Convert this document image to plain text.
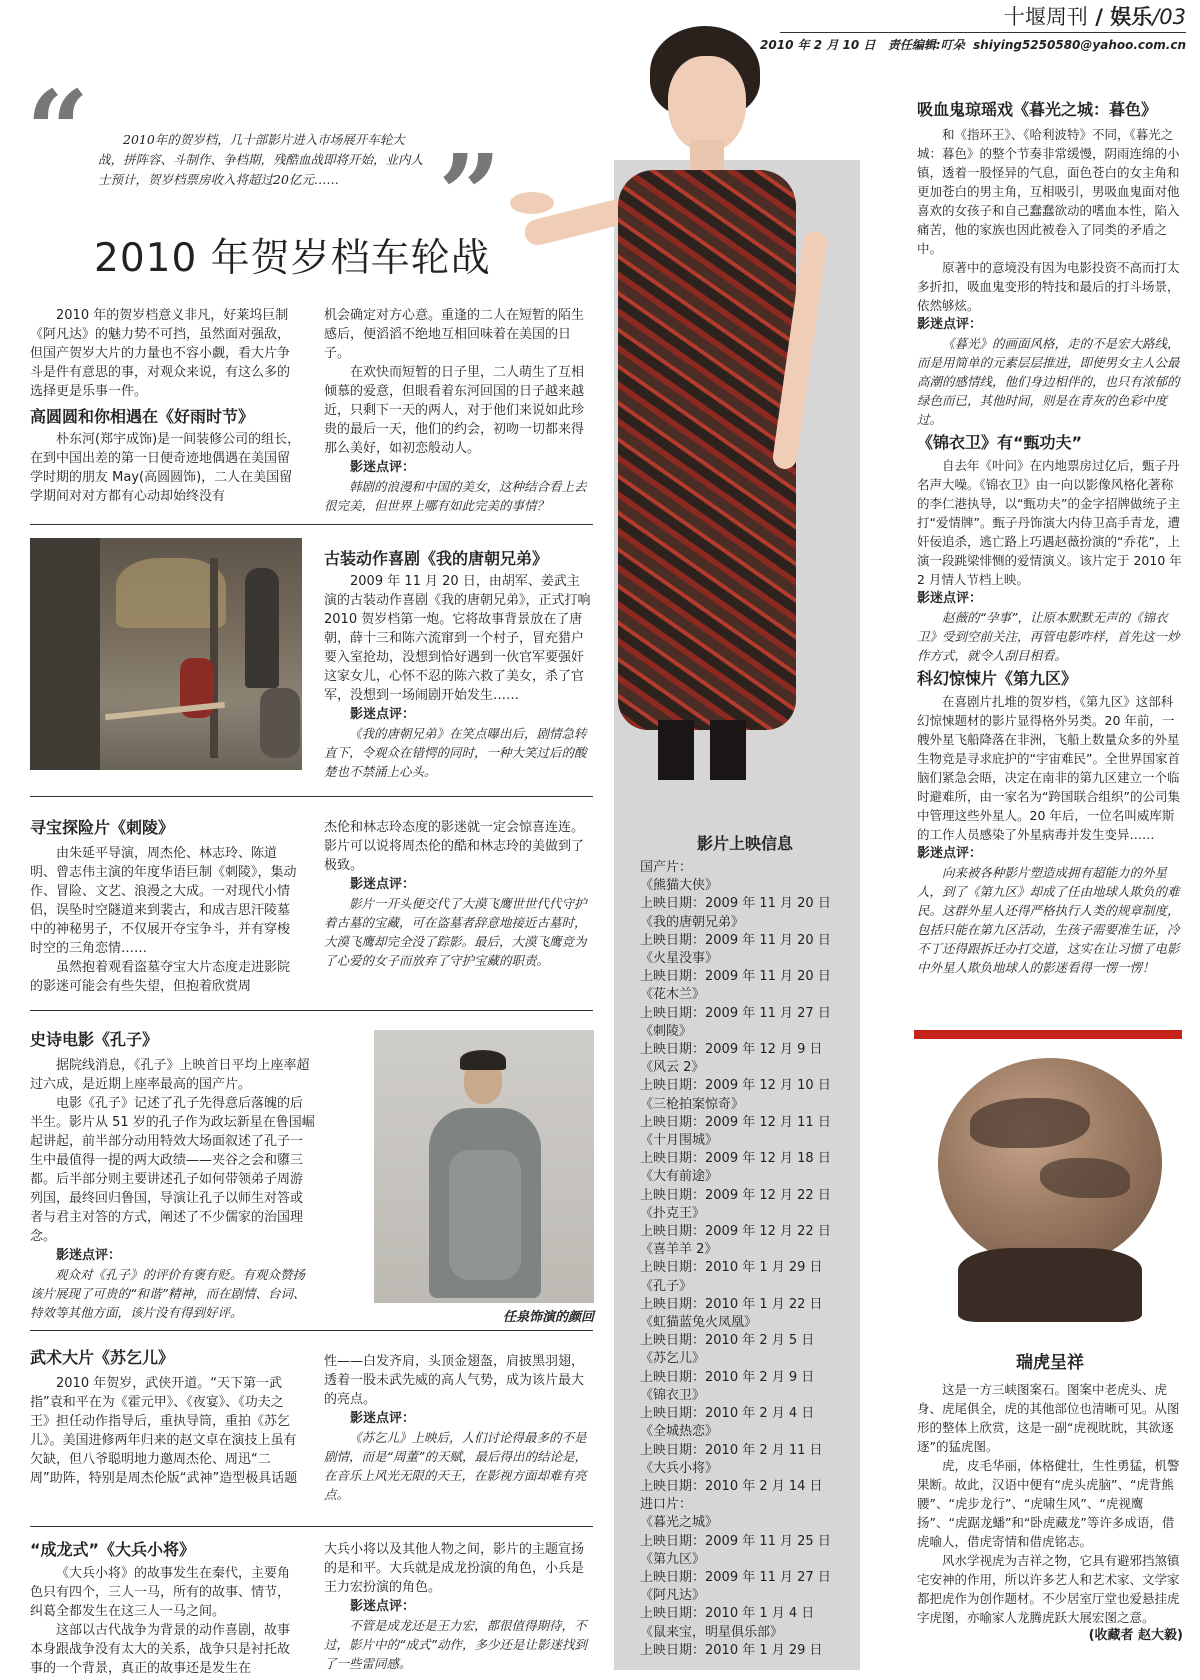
十堰周刊 / 娱乐/03
2010 年 2 月 10 日 责任编辑:叮朵 shiying5250580@yahoo.com.cn
“	”

2010年的贺岁档，几十部影片进入市场展开车轮大战，拼阵容、斗制作、争档期，残酷血战即将开始，业内人士预计，贺岁档票房收入将超过20亿元……

2010 年贺岁档车轮战

2010 年的贺岁档意义非凡，好莱坞巨制《阿凡达》的魅力势不可挡，虽然面对强敌，但国产贺岁大片的力量也不容小觑，看大片争斗是件有意思的事，对观众来说，有这么多的选择更是乐事一件。

高圆圆和你相遇在《好雨时节》

朴东河(郑宇成饰)是一间装修公司的组长，在到中国出差的第一日便奇迹地偶遇在美国留学时期的朋友 May(高圆圆饰)，二人在美国留学期间对对方都有心动却始终没有

机会确定对方心意。重逢的二人在短暂的陌生感后，便滔滔不绝地互相回味着在美国的日子。

在欢快而短暂的日子里，二人萌生了互相倾慕的爱意，但眼看着东河回国的日子越来越近，只剩下一天的两人，对于他们来说如此珍贵的最后一天，他们的约会，初吻一切都来得那么美好，如初恋般动人。

影迷点评：

韩剧的浪漫和中国的美女，这种结合看上去很完美，但世界上哪有如此完美的事情？

古装动作喜剧《我的唐朝兄弟》

2009 年 11 月 20 日，由胡军、姜武主演的古装动作喜剧《我的唐朝兄弟》，正式打响 2010 贺岁档第一炮。它将故事背景放在了唐朝，薛十三和陈六流窜到一个村子，冒充猎户要入室抢劫，没想到恰好遇到一伙官军要强奸这家女儿，心怀不忍的陈六救了美女，杀了官军，没想到一场闹剧开始发生……

影迷点评：

《我的唐朝兄弟》在笑点曝出后，剧情急转直下，令观众在错愕的同时，一种大笑过后的酸楚也不禁涌上心头。

寻宝探险片《刺陵》

由朱延平导演，周杰伦、林志玲、陈道明、曾志伟主演的年度华语巨制《刺陵》，集动作、冒险、文艺、浪漫之大成。一对现代小情侣，误坠时空隧道来到裴古，和成吉思汗陵墓中的神秘男子，不仅展开夺宝争斗，并有穿梭时空的三角恋情……

虽然抱着观看盗墓夺宝大片态度走进影院的影迷可能会有些失望，但抱着欣赏周

杰伦和林志玲态度的影迷就一定会惊喜连连。影片可以说将周杰伦的酷和林志玲的美做到了极致。

影迷点评：

影片一开头便交代了大漠飞鹰世世代代守护着古墓的宝藏，可在盗墓者辞意地接近古墓时，大漠飞鹰却完全没了踪影。最后，大漠飞鹰竞为了心爱的女子而放弃了守护宝藏的职责。

史诗电影《孔子》

据院线消息，《孔子》上映首日平均上座率超过六成，是近期上座率最高的国产片。

电影《孔子》记述了孔子先得意后落魄的后半生。影片从 51 岁的孔子作为政坛新星在鲁国崛起讲起，前半部分动用特效大场面叙述了孔子一生中最值得一提的两大政绩——夹谷之会和隳三都。后半部分则主要讲述孔子如何带领弟子周游列国，最终回归鲁国，导演让孔子以师生对答或者与君主对答的方式，阐述了不少儒家的治国理念。

影迷点评：

观众对《孔子》的评价有褒有贬。有观众赞扬该片展现了可贵的“和谐”精神，而在剧情、台词、特效等其他方面，该片没有得到好评。	任泉饰演的颜回
武术大片《苏乞儿》

2010 年贺岁，武侠开道。“天下第一武指”袁和平在为《霍元甲》、《夜宴》、《功夫之王》担任动作指导后，重执导筒，重拍《苏乞儿》。美国进修两年归来的赵文卓在演技上虽有欠缺，但八爷聪明地力邀周杰伦、周迅“二周”助阵，特别是周杰伦版“武神”造型极具话题

性——白发齐肩，头顶金翅盔，肩披黑羽翅，透着一股未武先威的高人气势，成为该片最大的亮点。

影迷点评：

《苏乞儿》上映后，人们讨论得最多的不是剧情，而是“周董”的天赋，最后得出的结论是，在音乐上风光无限的天王，在影视方面却难有亮点。

“成龙式”《大兵小将》

《大兵小将》的故事发生在秦代，主要角色只有四个，三人一马，所有的故事、情节，纠葛全都发生在这三人一马之间。

这部以古代战争为背景的动作喜剧，故事本身跟战争没有太大的关系，战争只是衬托故事的一个背景，真正的故事还是发生在

大兵小将以及其他人物之间，影片的主题宣扬的是和平。大兵就是成龙扮演的角色，小兵是王力宏扮演的角色。

影迷点评：

不管是成龙还是王力宏，都很值得期待，不过，影片中的“成式”动作，多少还是让影迷找到了一些雷同感。

影片上映信息

国产片：

《熊猫大侠》

上映日期：2009 年 11 月 20 日

《我的唐朝兄弟》

上映日期：2009 年 11 月 20 日

《火星没事》

上映日期：2009 年 11 月 20 日

《花木兰》

上映日期：2009 年 11 月 27 日

《刺陵》

上映日期：2009 年 12 月 9 日

《风云 2》

上映日期：2009 年 12 月 10 日

《三枪拍案惊奇》

上映日期：2009 年 12 月 11 日

《十月围城》

上映日期：2009 年 12 月 18 日

《大有前途》

上映日期：2009 年 12 月 22 日

《扑克王》

上映日期：2009 年 12 月 22 日

《喜羊羊 2》

上映日期：2010 年 1 月 29 日

《孔子》

上映日期：2010 年 1 月 22 日

《虹猫蓝兔火凤凰》

上映日期：2010 年 2 月 5 日

《苏乞儿》

上映日期：2010 年 2 月 9 日

《锦衣卫》

上映日期：2010 年 2 月 4 日

《全城热恋》

上映日期：2010 年 2 月 11 日

《大兵小将》

上映日期：2010 年 2 月 14 日

进口片：

《暮光之城》

上映日期：2009 年 11 月 25 日

《第九区》

上映日期：2009 年 11 月 27 日

《阿凡达》

上映日期：2010 年 1 月 4 日

《鼠来宝，明星俱乐部》

上映日期：2010 年 1 月 29 日

吸血鬼琼瑶戏《暮光之城：暮色》

和《指环王》、《哈利波特》不同，《暮光之城：暮色》的整个节奏非常缓慢，阴雨连绵的小镇，透着一股怪异的气息，面色苍白的女主角和更加苍白的男主角，互相吸引，男吸血鬼面对他喜欢的女孩子和自己蠢蠢欲动的嗜血本性，陷入痛苦，他的家族也因此被卷入了同类的矛盾之中。

原著中的意境没有因为电影投资不高而打太多折扣，吸血鬼变形的特技和最后的打斗场景，依然够炫。

影迷点评：

《暮光》的画面风格，走的不是宏大路线，而是用简单的元素层层推进，即使男女主人公最高潮的感情线，他们身边相伴的，也只有浓郁的绿色而已，其他时间，则是在青灰的色彩中度过。

《锦衣卫》有“甄功夫”

自去年《叶问》在内地票房过亿后，甄子丹名声大噪。《锦衣卫》由一向以影像风格化著称的李仁港执导，以“甄功夫”的金字招牌做统子主打“爱情牌”。甄子丹饰演大内侍卫高手青龙，遭奸佞追杀，逃亡路上巧遇赵薇扮演的“乔花”，上演一段跳梁悱恻的爱情演义。该片定于 2010 年 2 月情人节档上映。

影迷点评：

赵薇的“孕事”，让原本默默无声的《锦衣卫》受到空前关注，再管电影咋样，首先这一炒作方式，就令人刮目相看。

科幻惊悚片《第九区》

在喜剧片扎堆的贺岁档，《第九区》这部科幻惊悚题材的影片显得格外另类。20 年前，一艘外星飞船降落在非洲，飞船上数量众多的外星生物竞是寻求庇护的“宇宙难民”。全世界国家首脑们紧急会晤，决定在南非的第九区建立一个临时避难所，由一家名为“跨国联合组织”的公司集中管理这些外星人。20 年后，一位名叫威库斯的工作人员感染了外星病毒并发生变异……

影迷点评：

向来被各种影片塑造成拥有超能力的外星人，到了《第九区》却成了任由地球人欺负的难民。这群外星人还得严格执行人类的规章制度，包括只能在第九区活动，生孩子需要准生证，冷不丁还得跟拆迁办打交道，这实在让习惯了电影中外星人欺负地球人的影迷看得一愣一愣！

瑞虎呈祥

这是一方三峡图案石。图案中老虎头、虎身、虎尾俱全，虎的其他部位也清晰可见。从图形的整体上欣赏，这是一副“虎视眈眈，其欲逐逐”的猛虎图。

虎，皮毛华丽，体格健壮，生性勇猛，机警果断。故此，汉语中便有“虎头虎脑”、“虎背熊腰”、“虎步龙行”、“虎啸生风”、“虎视鹰扬”、“虎踞龙蟠”和“卧虎藏龙”等许多成语，借虎喻人，借虎寄情和借虎铭志。

风水学视虎为吉祥之物，它具有避邪挡煞镇宅安神的作用，所以许多艺人和艺术家、文学家都把虎作为创作题材。不少居室厅堂也爱悬挂虎字虎图，亦喻家人龙腾虎跃大展宏图之意。

(收藏者 赵大毅)
